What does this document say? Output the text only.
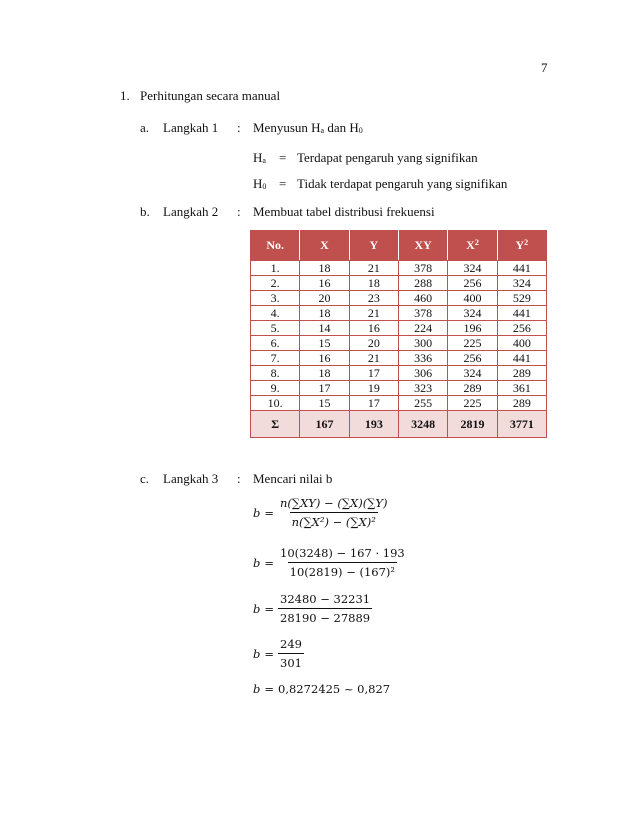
7
1. Perhitungan secara manual
a. Langkah 1 : Menyusun $H_a$ dan $H_0$
$H_a$ = Terdapat pengaruh yang signifikan
$H_0$ = Tidak terdapat pengaruh yang signifikan
b. Langkah 2 : Membuat tabel distribusi frekuensi
No.	X	Y	XY	$X^2$	$Y^2$
1.	18	21	378	324	441
2.	16	18	288	256	324
3.	20	23	460	400	529
4.	18	21	378	324	441
5.	14	16	224	196	256
6.	15	20	300	225	400
7.	16	21	336	256	441
8.	18	17	306	324	289
9.	17	19	323	289	361
10.	15	17	255	225	289
Σ	167	193	3248	2819	3771
c. Langkah 3 : Mencari nilai b
$b = \frac{n(\sum XY) - (\sum X)(\sum Y)}{\text{n(∑X²) − (∑X)²}}$
$b = \frac{10(3248) - 167 \cdot 193}{\text{10(2819) − (167)²}}$
$b = \frac{32480 - 32231}{28190 - 27889}$
$b = \frac{249}{301}$
b = 0,8272425 ~ 0,827
